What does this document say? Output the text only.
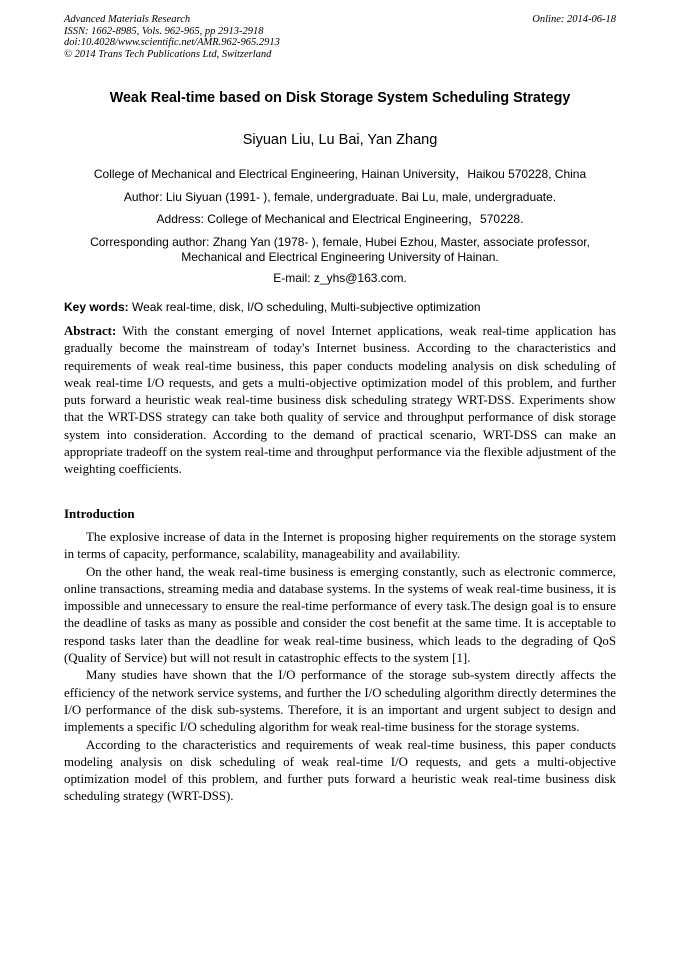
Advanced Materials Research
ISSN: 1662-8985, Vols. 962-965, pp 2913-2918
doi:10.4028/www.scientific.net/AMR.962-965.2913
© 2014 Trans Tech Publications Ltd, Switzerland
Online: 2014-06-18
Weak Real-time based on Disk Storage System Scheduling Strategy
Siyuan Liu, Lu Bai, Yan Zhang
College of Mechanical and Electrical Engineering, Hainan University，Haikou 570228, China
Author: Liu Siyuan (1991- ), female, undergraduate. Bai Lu, male, undergraduate.
Address: College of Mechanical and Electrical Engineering，570228.
Corresponding author: Zhang Yan (1978- ), female, Hubei Ezhou, Master, associate professor,
Mechanical and Electrical Engineering University of Hainan.
E-mail: z_yhs@163.com.
Key words: Weak real-time, disk, I/O scheduling, Multi-subjective optimization
Abstract: With the constant emerging of novel Internet applications, weak real-time application has gradually become the mainstream of today's Internet business. According to the characteristics and requirements of weak real-time business, this paper conducts modeling analysis on disk scheduling of weak real-time I/O requests, and gets a multi-objective optimization model of this problem, and further puts forward a heuristic weak real-time business disk scheduling strategy WRT-DSS. Experiments show that the WRT-DSS strategy can take both quality of service and throughput performance of disk storage system into consideration. According to the demand of practical scenario, WRT-DSS can make an appropriate tradeoff on the system real-time and throughput performance via the flexible adjustment of the weighting coefficients.
Introduction

The explosive increase of data in the Internet is proposing higher requirements on the storage system in terms of capacity, performance, scalability, manageability and availability.

On the other hand, the weak real-time business is emerging constantly, such as electronic commerce, online transactions, streaming media and database systems. In the systems of weak real-time business, it is impossible and unnecessary to ensure the real-time performance of every task.The design goal is to ensure the deadline of tasks as many as possible and consider the cost benefit at the same time. It is acceptable to respond tasks later than the deadline for weak real-time business, which leads to the degrading of QoS (Quality of Service) but will not result in catastrophic effects to the system [1].

Many studies have shown that the I/O performance of the storage sub-system directly affects the efficiency of the network service systems, and further the I/O scheduling algorithm directly determines the I/O performance of the disk sub-systems. Therefore, it is an important and urgent subject to design and implements a specific I/O scheduling algorithm for weak real-time business for the storage systems.

According to the characteristics and requirements of weak real-time business, this paper conducts modeling analysis on disk scheduling of weak real-time I/O requests, and gets a multi-objective optimization model of this problem, and further puts forward a heuristic weak real-time business disk scheduling strategy (WRT-DSS).
